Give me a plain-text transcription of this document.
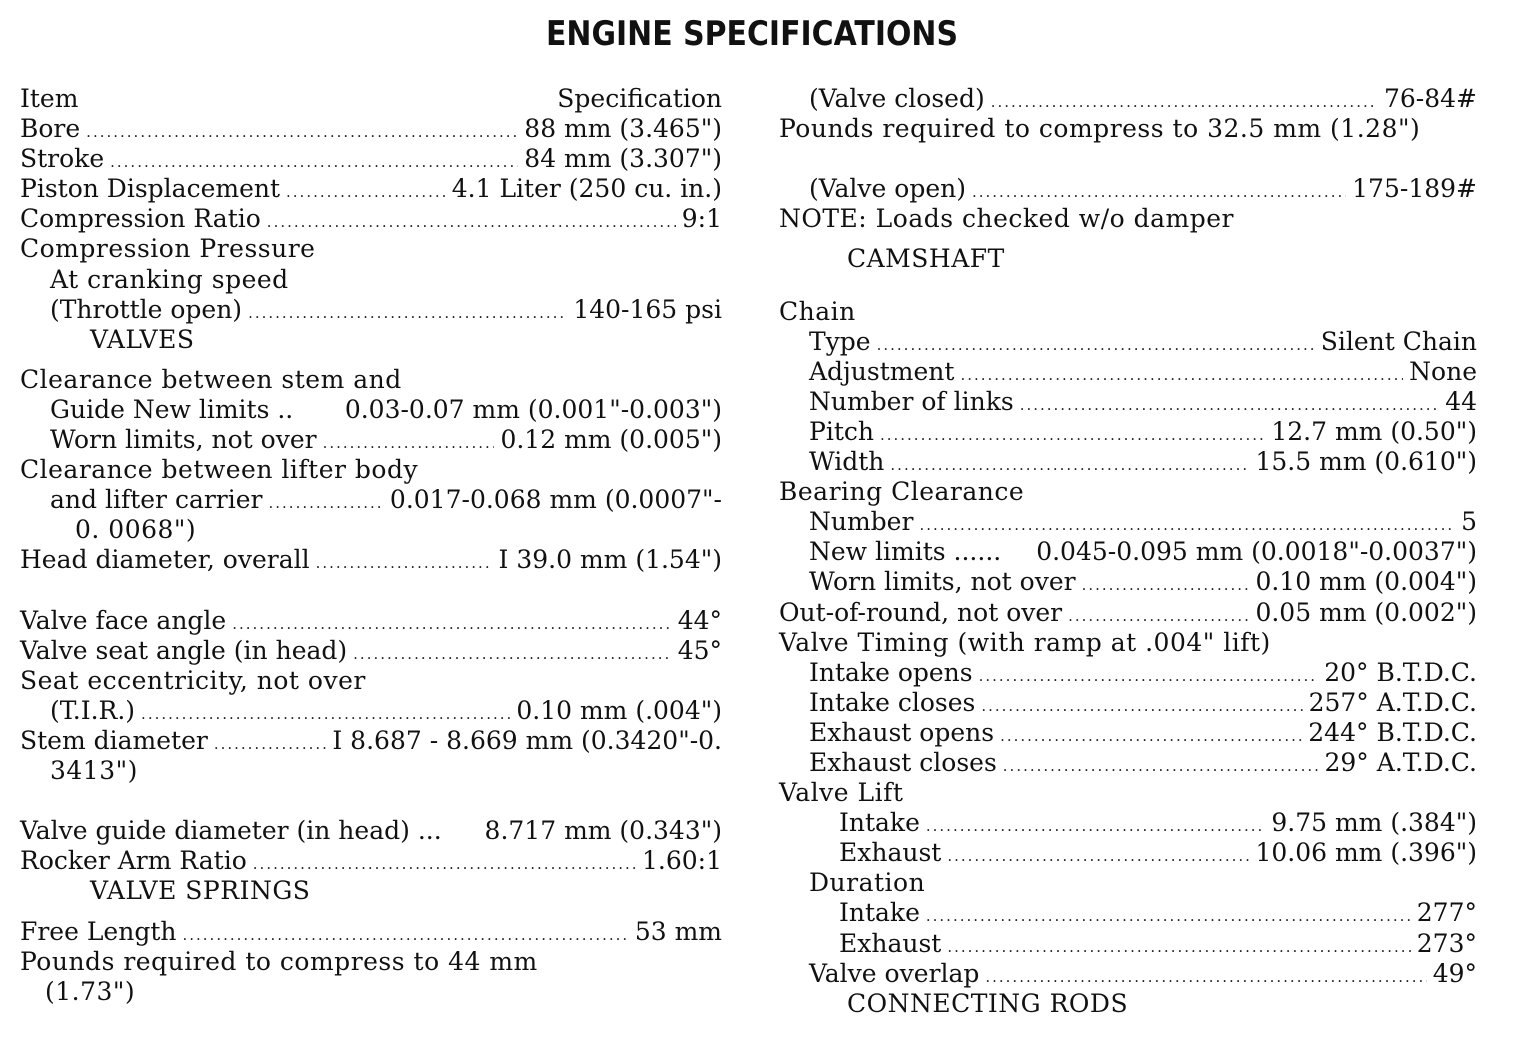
ENGINE SPECIFICATIONS
Item	Specification
Bore .....	88 mm (3.465")
Stroke .....	84 mm (3.307")
Piston Displacement .....	4.1 Liter (250 cu. in.)
Compression Ratio .....	9:1
Compression Pressure
At cranking speed
(Throttle open) .....	140-165 psi
VALVES
Clearance between stem and
Guide New limits .. 0.03-0.07 mm (0.001"-0.003")
Worn limits, not over .....	0.12 mm (0.005")
Clearance between lifter body
and lifter carrier .....	0.017-0.068 mm (0.0007"-
0. 0068")
Head diameter, overall .....	I 39.0 mm (1.54")
Valve face angle .....	44°
Valve seat angle (in head) .....	45°
Seat eccentricity, not over
(T.I.R.) .....	0.10 mm (.004")
Stem diameter .....	I 8.687 - 8.669 mm (0.3420"-0.
3413")
Valve guide diameter (in head) ... 8.717 mm (0.343")
Rocker Arm Ratio .....	1.60:1
VALVE SPRINGS
Free Length .....	53 mm
Pounds required to compress to 44 mm
(1.73")
(Valve closed) .....	76-84#
Pounds required to compress to 32.5 mm (1.28")
(Valve open) .....	175-189#
NOTE: Loads checked w/o damper
CAMSHAFT
Chain
Type .....	Silent Chain
Adjustment .....	None
Number of links .....	44
Pitch .....	12.7 mm (0.50")
Width .....	15.5 mm (0.610")
Bearing Clearance
Number .....	5
New limits ...... 0.045-0.095 mm (0.0018"-0.0037")
Worn limits, not over .....	0.10 mm (0.004")
Out-of-round, not over .....	0.05 mm (0.002")
Valve Timing (with ramp at .004" lift)
Intake opens .....	20° B.T.D.C.
Intake closes .....	257° A.T.D.C.
Exhaust opens .....	244° B.T.D.C.
Exhaust closes .....	29° A.T.D.C.
Valve Lift
Intake .....	9.75 mm (.384")
Exhaust .....	10.06 mm (.396")
Duration
Intake .....	277°
Exhaust .....	273°
Valve overlap .....	49°
CONNECTING RODS
